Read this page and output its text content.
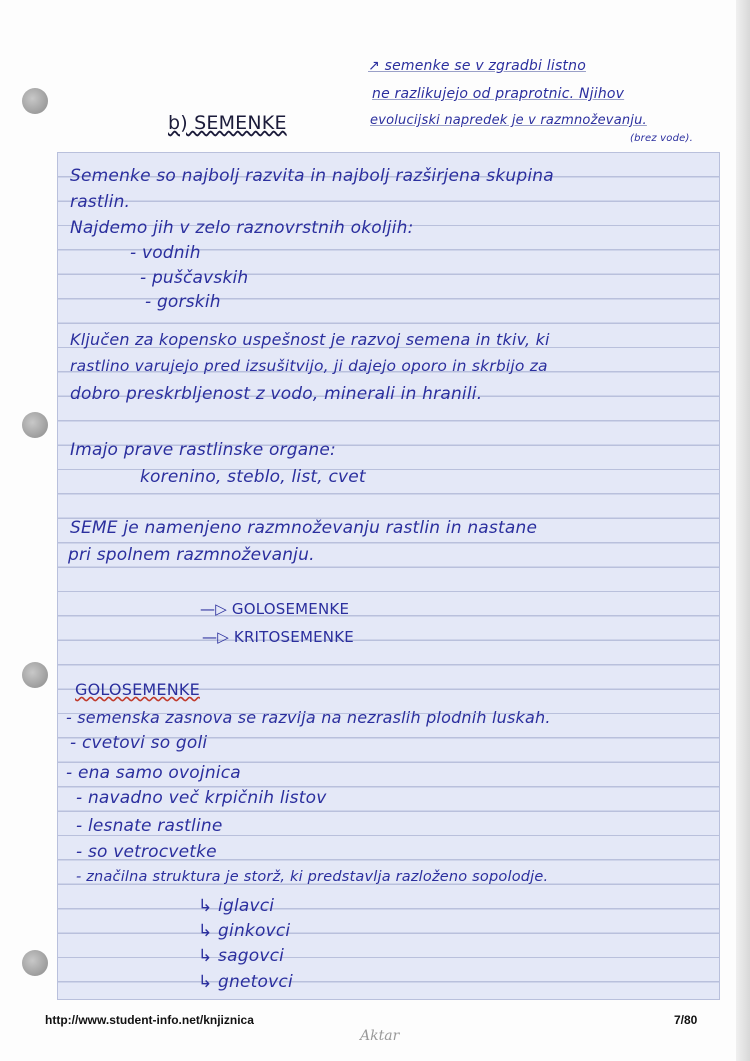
↗ semenke se v zgradbi listno
ne razlikujejo od praprotnic. Njihov
evolucijski napredek je v razmnoževanju.
(brez vode).
b) SEMENKE
Semenke so najbolj razvita in najbolj razširjena skupina
rastlin.
Najdemo jih v zelo raznovrstnih okoljih:
- vodnih
- puščavskih
- gorskih
Ključen za kopensko uspešnost je razvoj semena in tkiv, ki
rastlino varujejo pred izsušitvijo, ji dajejo oporo in skrbijo za
dobro preskrbljenost z vodo, minerali in hranili.
Imajo prave rastlinske organe:
korenino, steblo, list, cvet
SEME je namenjeno razmnoževanju rastlin in nastane
pri spolnem razmnoževanju.
—▷ GOLOSEMENKE
—▷ KRITOSEMENKE
GOLOSEMENKE
- semenska zasnova se razvija na nezraslih plodnih luskah.
- cvetovi so goli
- ena samo ovojnica
- navadno več krpičnih listov
- lesnate rastline
- so vetrocvetke
- značilna struktura je storž, ki predstavlja razloženo sopolodje.
↳ iglavci
↳ ginkovci
↳ sagovci
↳ gnetovci
http://www.student-info.net/knjiznica	7/80
Aktar
